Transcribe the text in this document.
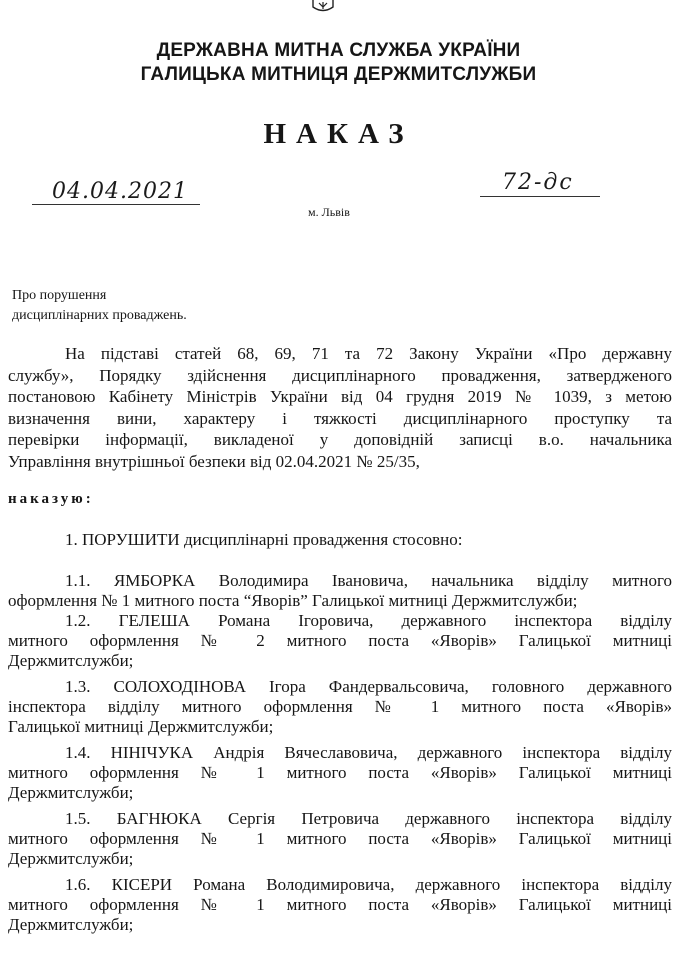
ДЕРЖАВНА МИТНА СЛУЖБА УКРАЇНИ
ГАЛИЦЬКА МИТНИЦЯ ДЕРЖМИТСЛУЖБИ
НАКАЗ
04.04.2021	72-дс
м. Львів
Про порушення
дисциплінарних проваджень.
На підставі статей 68, 69, 71 та 72 Закону України «Про державну
службу», Порядку здійснення дисциплінарного провадження, затвердженого
постановою Кабінету Міністрів України від 04 грудня 2019 № 1039, з метою
визначення вини, характеру і тяжкості дисциплінарного проступку та
перевірки інформації, викладеної у доповідній записці в.о. начальника
Управління внутрішньої безпеки від 02.04.2021 № 25/35,
наказую:
1. ПОРУШИТИ дисциплінарні провадження стосовно:
1.1. ЯМБОРКА Володимира Івановича, начальника відділу митного
оформлення № 1 митного поста “Яворів” Галицької митниці Держмитслужби;
1.2. ГЕЛЕША Романа Ігоровича, державного інспектора відділу
митного оформлення № 2 митного поста «Яворів» Галицької митниці
Держмитслужби;
1.3. СОЛОХОДІНОВА Ігора Фандервальсовича, головного державного
інспектора відділу митного оформлення № 1 митного поста «Яворів»
Галицької митниці Держмитслужби;
1.4. НІНІЧУКА Андрія Вячеславовича, державного інспектора відділу
митного оформлення № 1 митного поста «Яворів» Галицької митниці
Держмитслужби;
1.5. БАГНЮКА Сергія Петровича державного інспектора відділу
митного оформлення № 1 митного поста «Яворів» Галицької митниці
Держмитслужби;
1.6. КІСЕРИ Романа Володимировича, державного інспектора відділу
митного оформлення № 1 митного поста «Яворів» Галицької митниці
Держмитслужби;
